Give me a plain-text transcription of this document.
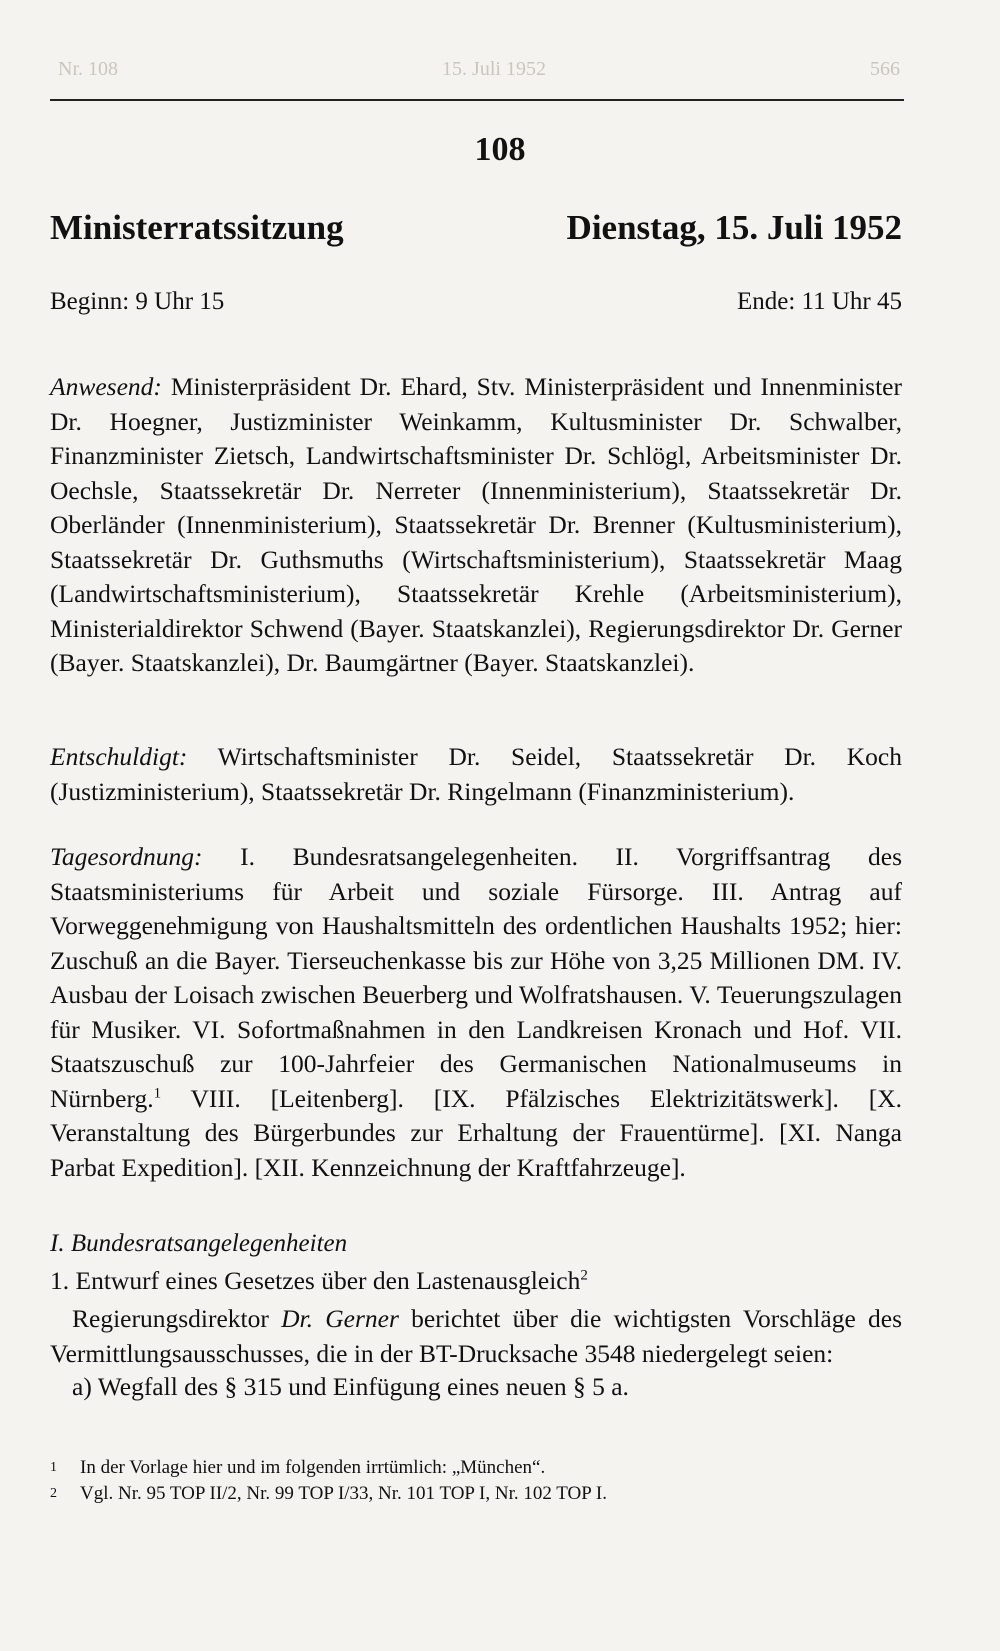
Nr. 108	15. Juli 1952	566
108
Ministerratssitzung	Dienstag, 15. Juli 1952
Beginn: 9 Uhr 15	Ende: 11 Uhr 45
Anwesend: Ministerpräsident Dr. Ehard, Stv. Ministerpräsident und Innenminister Dr. Hoegner, Justizminister Weinkamm, Kultusminister Dr. Schwalber, Finanzminister Zietsch, Landwirtschaftsminister Dr. Schlögl, Arbeitsminister Dr. Oechsle, Staatssekretär Dr. Nerreter (Innenministerium), Staatssekretär Dr. Oberländer (Innenministerium), Staatssekretär Dr. Brenner (Kultusministerium), Staatssekretär Dr. Guthsmuths (Wirtschaftsministerium), Staatssekretär Maag (Landwirtschaftsministerium), Staatssekretär Krehle (Arbeitsministerium), Ministerialdirektor Schwend (Bayer. Staatskanzlei), Regierungsdirektor Dr. Gerner (Bayer. Staatskanzlei), Dr. Baumgärtner (Bayer. Staatskanzlei).
Entschuldigt: Wirtschaftsminister Dr. Seidel, Staatssekretär Dr. Koch (Justizministerium), Staatssekretär Dr. Ringelmann (Finanzministerium).
Tagesordnung: I. Bundesratsangelegenheiten. II. Vorgriffsantrag des Staatsministeriums für Arbeit und soziale Fürsorge. III. Antrag auf Vorweggenehmigung von Haushaltsmitteln des ordentlichen Haushalts 1952; hier: Zuschuß an die Bayer. Tierseuchenkasse bis zur Höhe von 3,25 Millionen DM. IV. Ausbau der Loisach zwischen Beuerberg und Wolfratshausen. V. Teuerungszulagen für Musiker. VI. Sofortmaßnahmen in den Landkreisen Kronach und Hof. VII. Staatszuschuß zur 100-Jahrfeier des Germanischen Nationalmuseums in Nürnberg.$^1$ VIII. [Leitenberg]. [IX. Pfälzisches Elektrizitätswerk]. [X. Veranstaltung des Bürgerbundes zur Erhaltung der Frauentürme]. [XI. Nanga Parbat Expedition]. [XII. Kennzeichnung der Kraftfahrzeuge].
I. Bundesratsangelegenheiten
1. Entwurf eines Gesetzes über den Lastenausgleich$^2$
Regierungsdirektor Dr. Gerner berichtet über die wichtigsten Vorschläge des Vermittlungsausschusses, die in der BT-Drucksache 3548 niedergelegt seien:
a) Wegfall des § 315 und Einfügung eines neuen § 5 a.
1	In der Vorlage hier und im folgenden irrtümlich: „München“.
2	Vgl. Nr. 95 TOP II/2, Nr. 99 TOP I/33, Nr. 101 TOP I, Nr. 102 TOP I.
